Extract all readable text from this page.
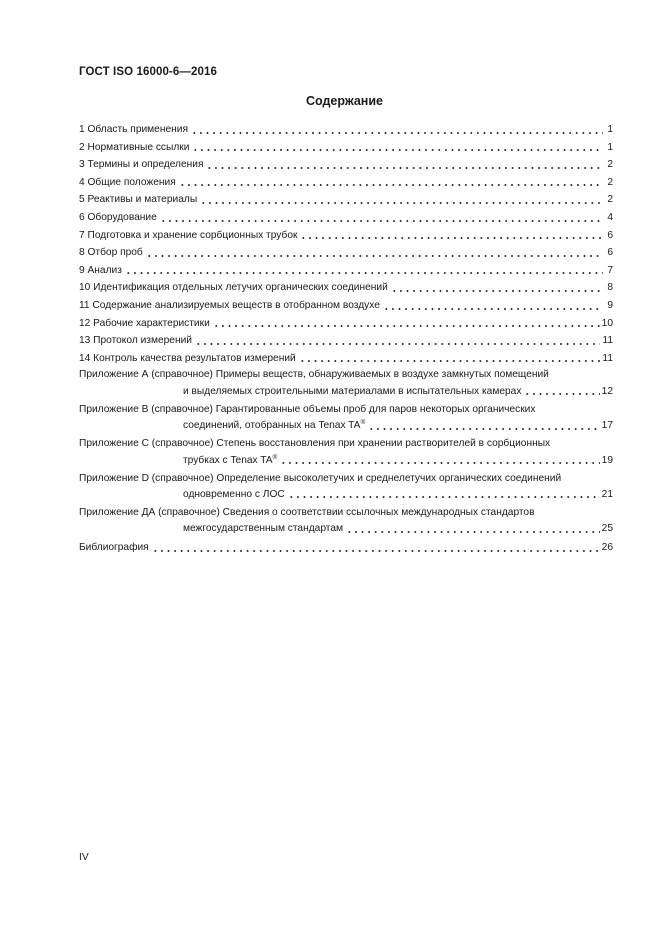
ГОСТ ISO 16000-6—2016
Содержание
1 Область применения	1
2 Нормативные ссылки	1
3 Термины и определения	2
4 Общие положения	2
5 Реактивы и материалы	2
6 Оборудование	4
7 Подготовка и хранение сорбционных трубок	6
8 Отбор проб	6
9 Анализ	7
10 Идентификация отдельных летучих органических соединений	8
11 Содержание анализируемых веществ в отобранном воздухе	9
12 Рабочие характеристики	10
13 Протокол измерений	11
14 Контроль качества результатов измерений	11
Приложение А (справочное) Примеры веществ, обнаруживаемых в воздухе замкнутых помещений
и выделяемых строительными материалами в испытательных камерах	12
Приложение В (справочное) Гарантированные объемы проб для паров некоторых органических
соединений, отобранных на Tenax TA®	17
Приложение С (справочное) Степень восстановления при хранении растворителей в сорбционных
трубках с Tenax TA®	19
Приложение D (справочное) Определение высоколетучих и среднелетучих органических соединений
одновременно с ЛОС	21
Приложение ДА (справочное) Сведения о соответствии ссылочных международных стандартов
межгосударственным стандартам	25
Библиография	26
IV
